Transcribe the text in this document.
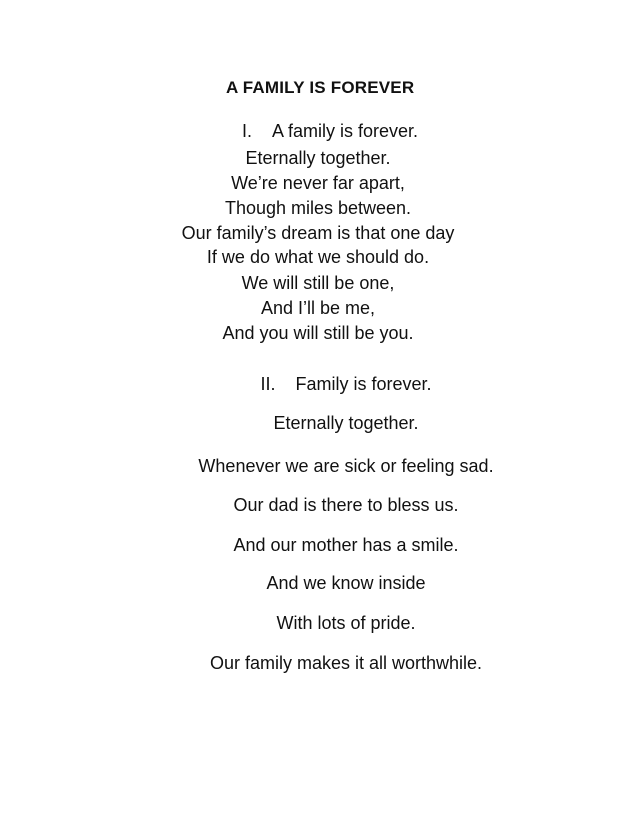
A FAMILY IS FOREVER
I. A family is forever.
Eternally together.
We’re never far apart,
Though miles between.
Our family’s dream is that one day
If we do what we should do.
We will still be one,
And I’ll be me,
And you will still be you.
II. Family is forever.
Eternally together.
Whenever we are sick or feeling sad.
Our dad is there to bless us.
And our mother has a smile.
And we know inside
With lots of pride.
Our family makes it all worthwhile.
